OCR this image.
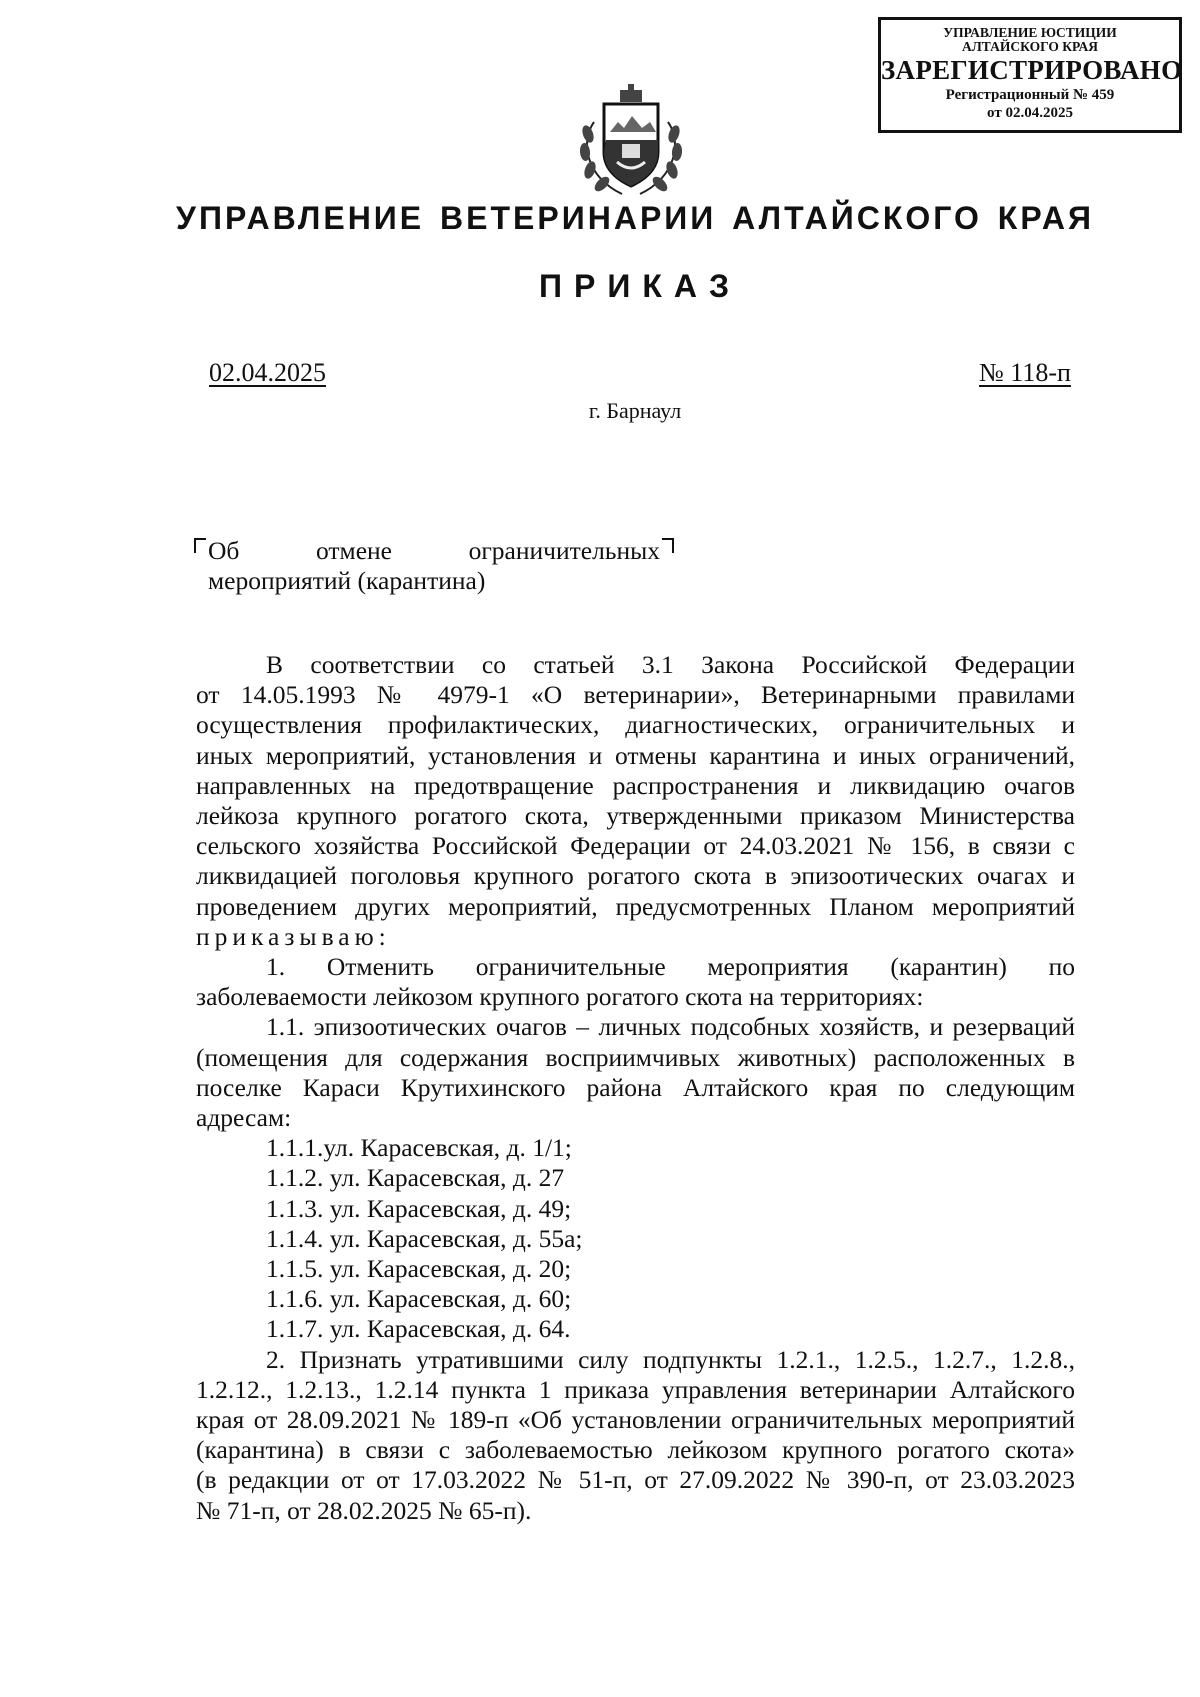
УПРАВЛЕНИЕ ЮСТИЦИИ
АЛТАЙСКОГО КРАЯ
ЗАРЕГИСТРИРОВАНО
Регистрационный № 459
от 02.04.2025
УПРАВЛЕНИЕ ВЕТЕРИНАРИИ АЛТАЙСКОГО КРАЯ
ПРИКАЗ
02.04.2025	№ 118-п
г. Барнаул
Об	отмене	ограничительных
мероприятий (карантина)

В соответствии со статьей 3.1 Закона Российской Федерации

от 14.05.1993 № 4979-1 «О ветеринарии», Ветеринарными правилами

осуществления профилактических, диагностических, ограничительных и

иных мероприятий, установления и отмены карантина и иных ограничений,

направленных на предотвращение распространения и ликвидацию очагов

лейкоза крупного рогатого скота, утвержденными приказом Министерства

сельского хозяйства Российской Федерации от 24.03.2021 № 156, в связи с

ликвидацией поголовья крупного рогатого скота в эпизоотических очагах и

проведением других мероприятий, предусмотренных Планом мероприятий

приказываю:

1. Отменить ограничительные мероприятия (карантин) по

заболеваемости лейкозом крупного рогатого скота на территориях:

1.1. эпизоотических очагов – личных подсобных хозяйств, и резерваций

(помещения для содержания восприимчивых животных) расположенных в

поселке Караси Крутихинского района Алтайского края по следующим

адресам:

1.1.1.ул. Карасевская, д. 1/1;

1.1.2. ул. Карасевская, д. 27

1.1.3. ул. Карасевская, д. 49;

1.1.4. ул. Карасевская, д. 55а;

1.1.5. ул. Карасевская, д. 20;

1.1.6. ул. Карасевская, д. 60;

1.1.7. ул. Карасевская, д. 64.

2. Признать утратившими силу подпункты 1.2.1., 1.2.5., 1.2.7., 1.2.8.,

1.2.12., 1.2.13., 1.2.14 пункта 1 приказа управления ветеринарии Алтайского

края от 28.09.2021 № 189-п «Об установлении ограничительных мероприятий

(карантина) в связи с заболеваемостью лейкозом крупного рогатого скота»

(в редакции от от 17.03.2022 № 51-п, от 27.09.2022 № 390-п, от 23.03.2023

№ 71-п, от 28.02.2025 № 65-п).
